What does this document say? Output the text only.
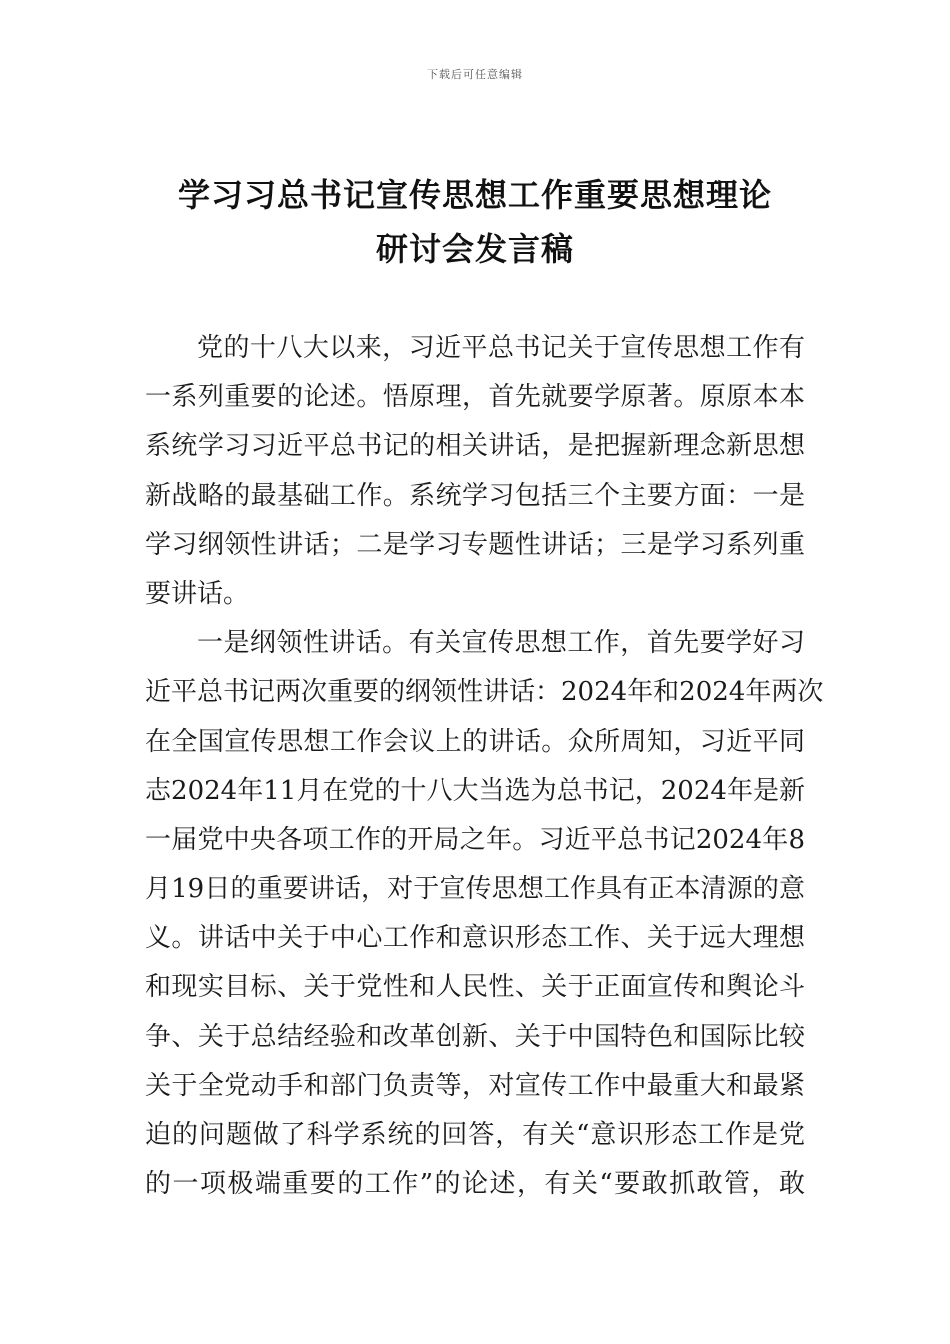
下载后可任意编辑
学习习总书记宣传思想工作重要思想理论
研讨会发言稿
党的十八大以来，习近平总书记关于宣传思想工作有
一系列重要的论述。悟原理，首先就要学原著。原原本本
系统学习习近平总书记的相关讲话，是把握新理念新思想
新战略的最基础工作。系统学习包括三个主要方面：一是
学习纲领性讲话；二是学习专题性讲话；三是学习系列重
要讲话。
一是纲领性讲话。有关宣传思想工作，首先要学好习
近平总书记两次重要的纲领性讲话：2024年和2024年两次
在全国宣传思想工作会议上的讲话。众所周知，习近平同
志2024年11月在党的十八大当选为总书记，2024年是新
一届党中央各项工作的开局之年。习近平总书记2024年8
月19日的重要讲话，对于宣传思想工作具有正本清源的意
义。讲话中关于中心工作和意识形态工作、关于远大理想
和现实目标、关于党性和人民性、关于正面宣传和舆论斗
争、关于总结经验和改革创新、关于中国特色和国际比较
关于全党动手和部门负责等，对宣传工作中最重大和最紧
迫的问题做了科学系统的回答，有关“意识形态工作是党
的一项极端重要的工作”的论述，有关“要敢抓敢管，敢
